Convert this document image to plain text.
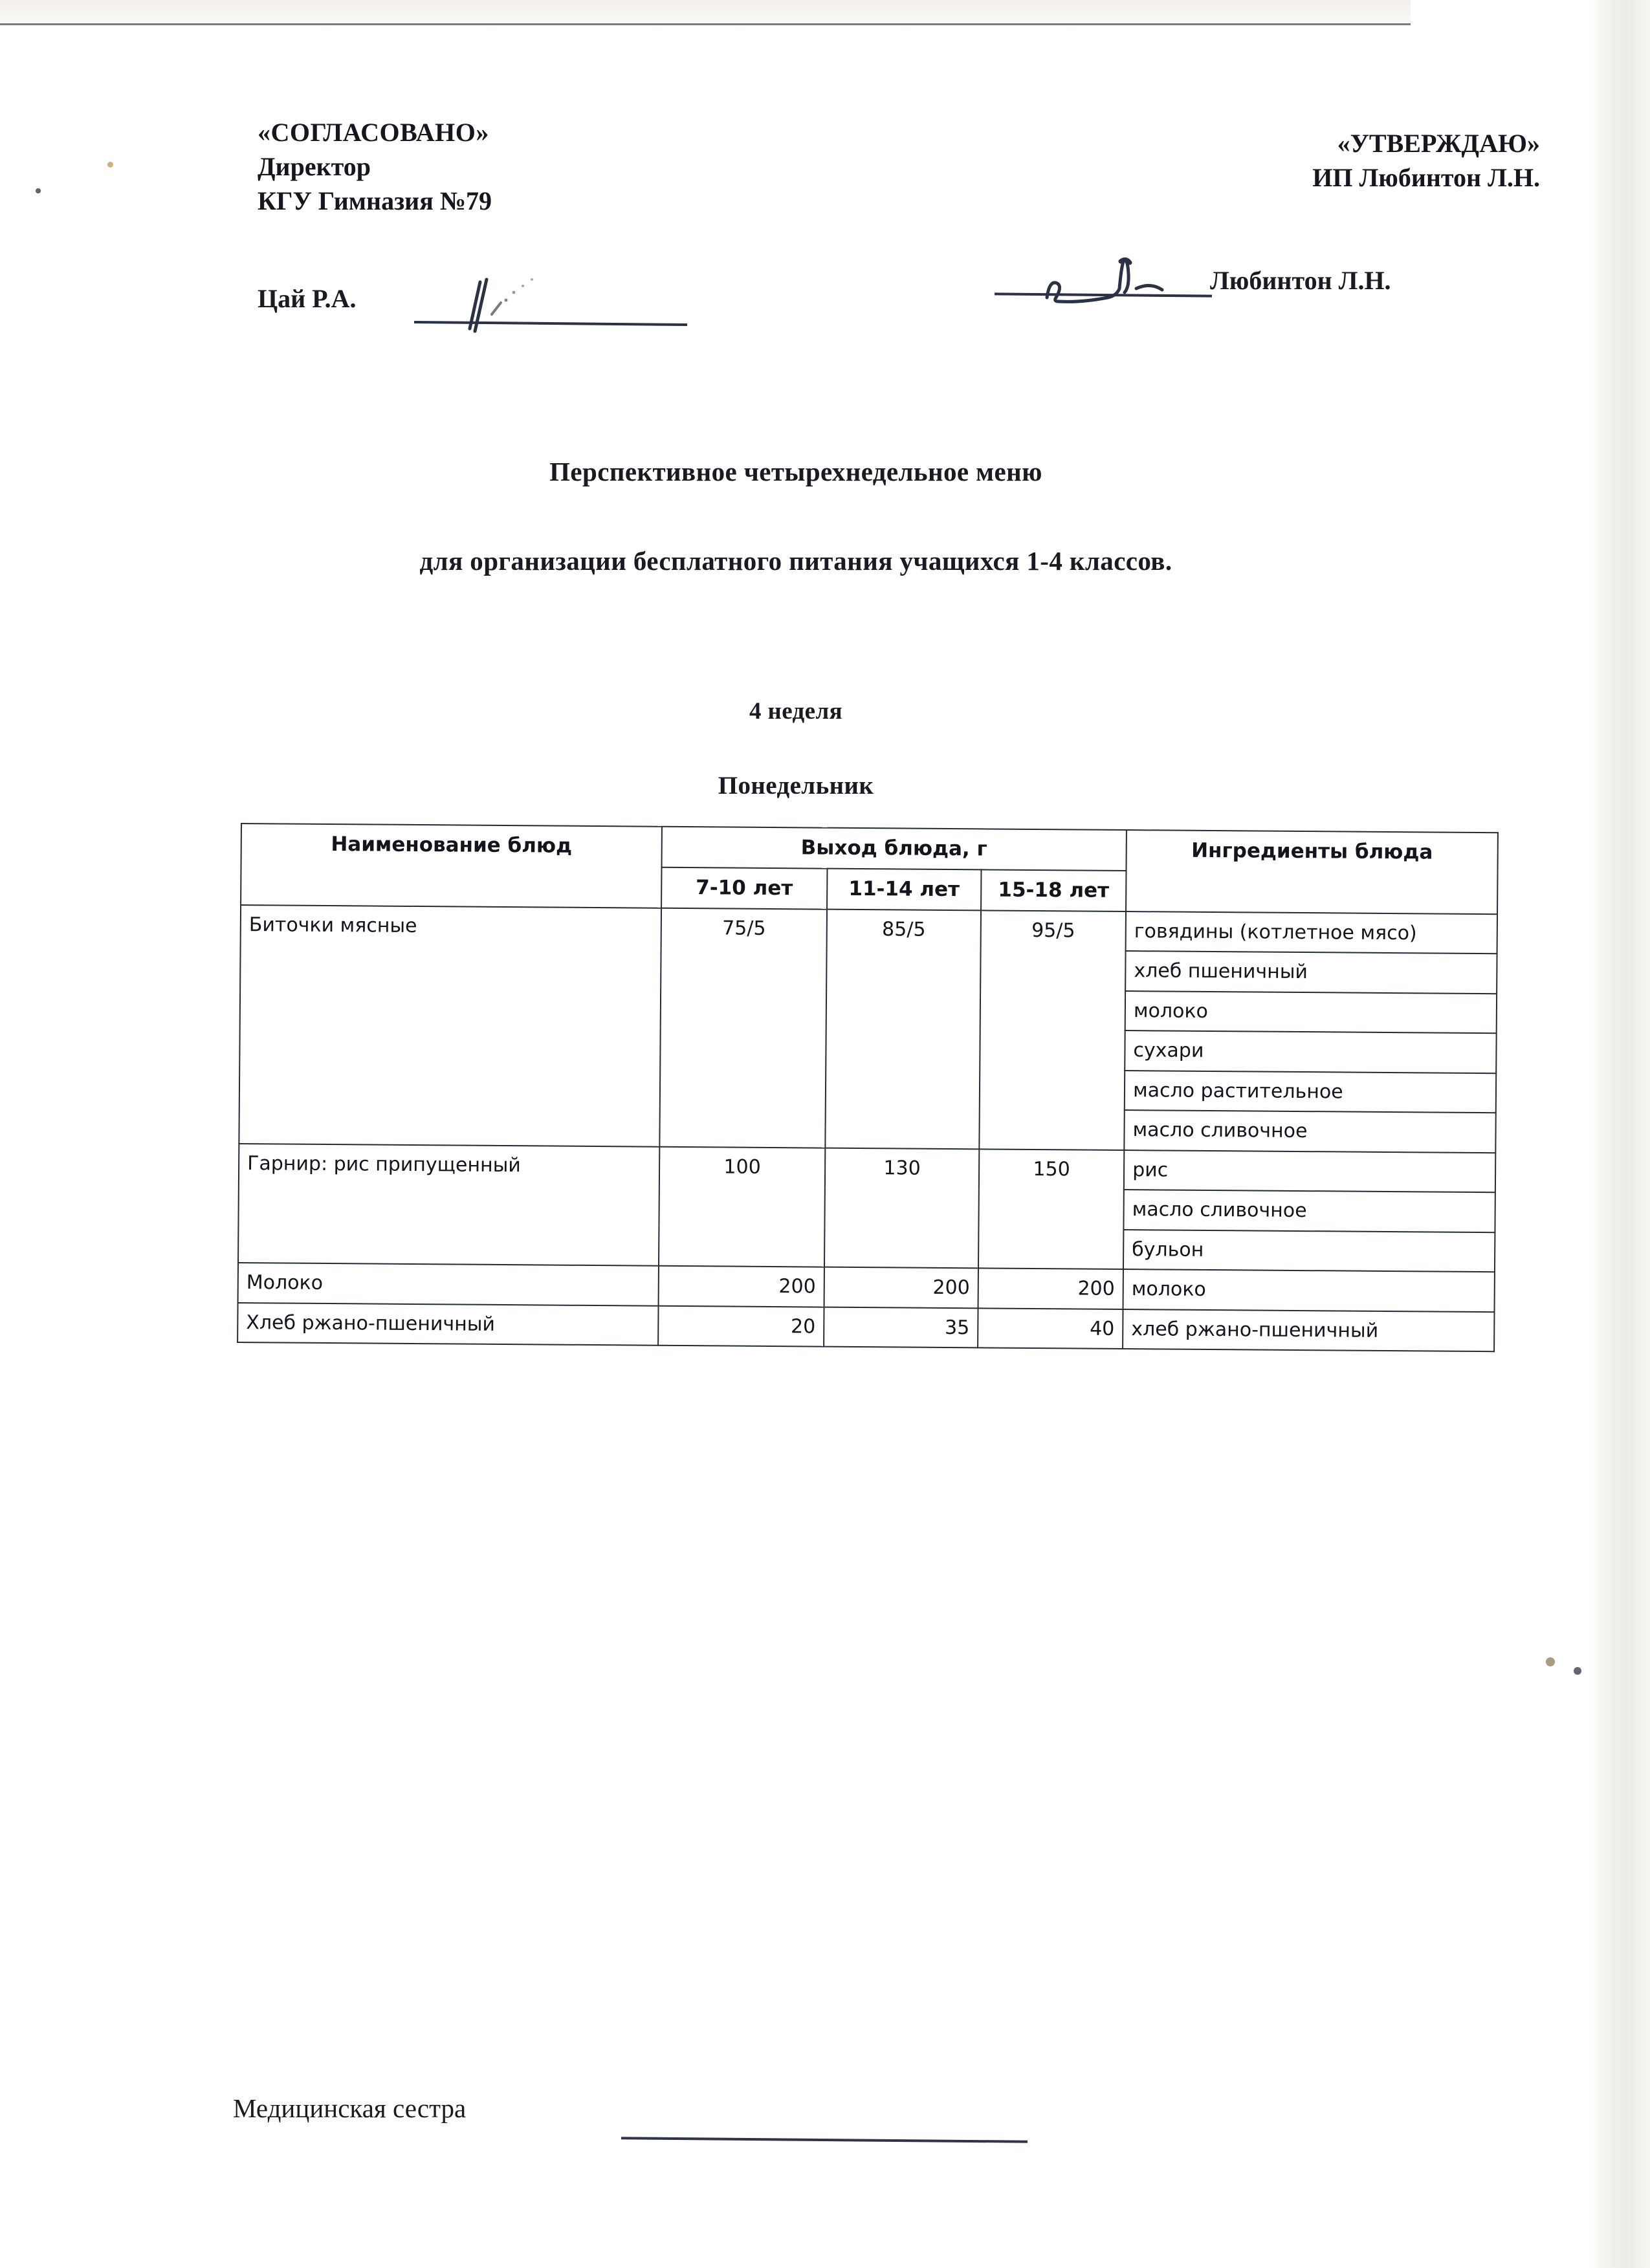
«СОГЛАСОВАНО»
Директор
КГУ Гимназия №79
Цай Р.А.
«УТВЕРЖДАЮ»
ИП Любинтон Л.Н.
Любинтон Л.Н.
Перспективное четырехнедельное меню
для организации бесплатного питания учащихся 1-4 классов.
4 неделя
Понедельник
Наименование блюд	Выход блюда, г			Ингредиенты блюда
	7-10 лет	11-14 лет	15-18 лет	
Биточки мясные	75/5	85/5	95/5	говядины (котлетное мясо)
				хлеб пшеничный
				молоко
				сухари
				масло растительное
				масло сливочное
Гарнир: рис припущенный	100	130	150	рис
				масло сливочное
				бульон
Молоко	200	200	200	молоко
Хлеб ржано-пшеничный	20	35	40	хлеб ржано-пшеничный
Медицинская сестра
